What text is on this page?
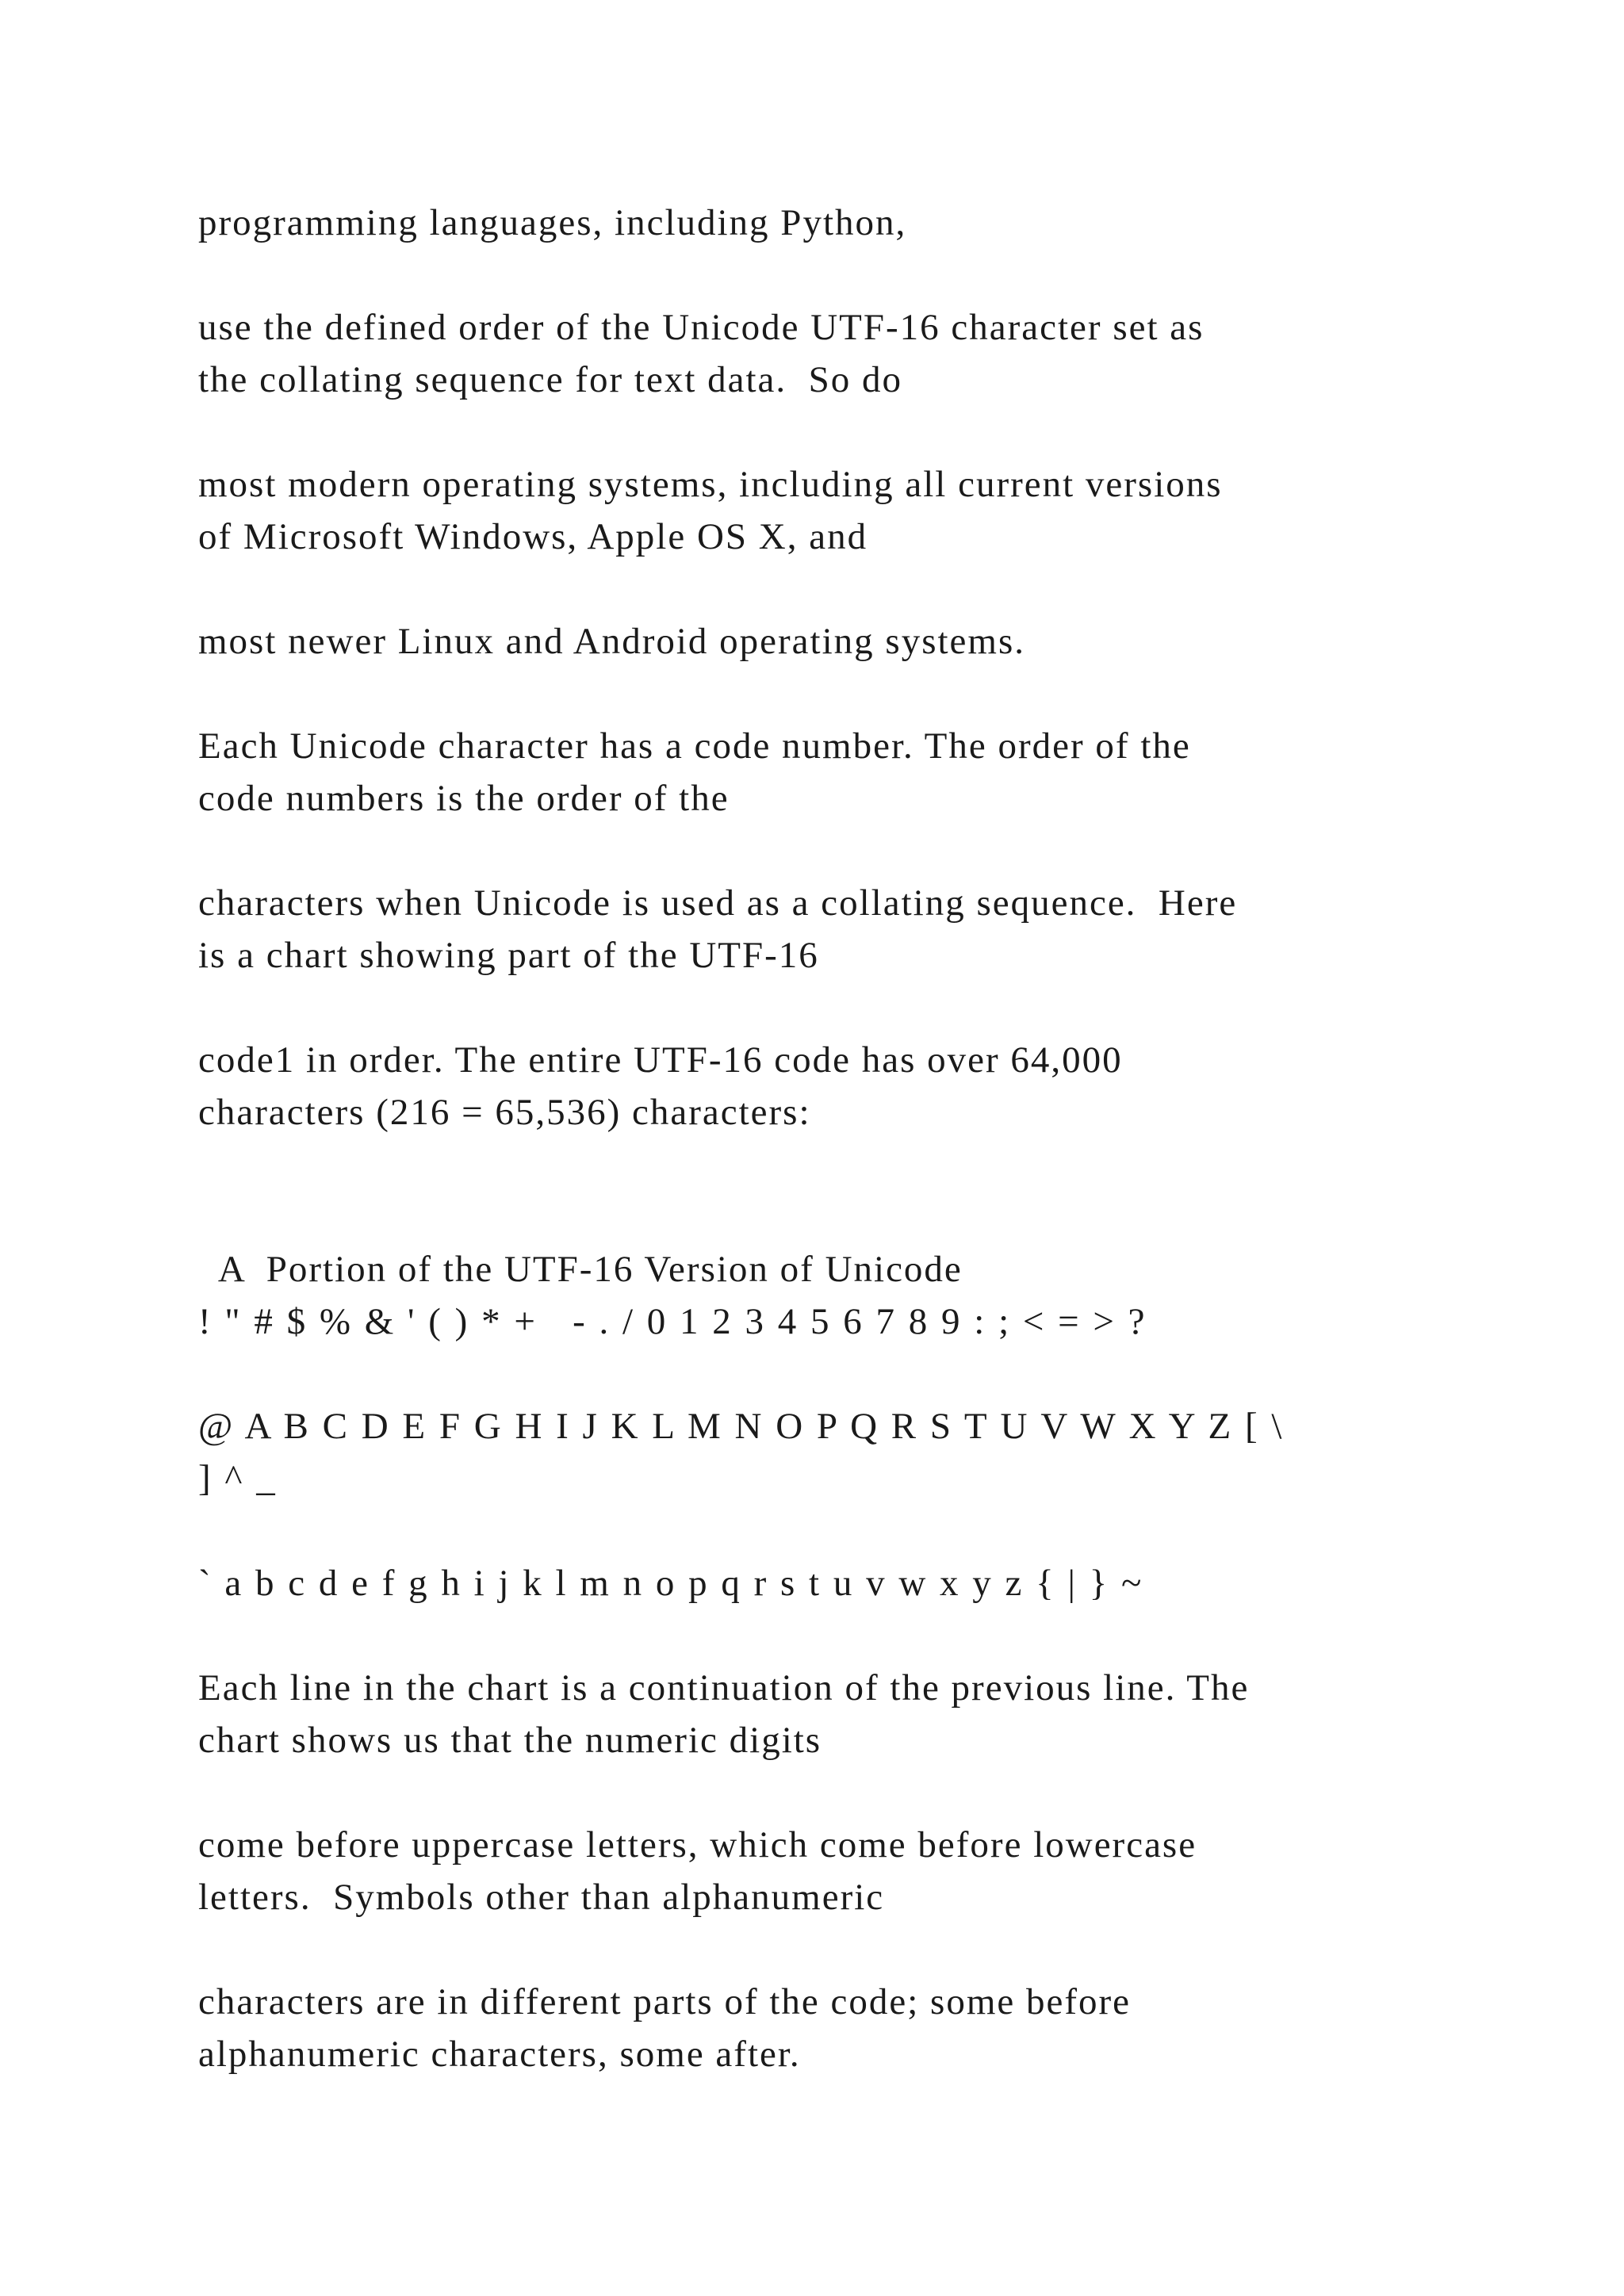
programming languages, including Python,
use the defined order of the Unicode UTF-16 character set as
the collating sequence for text data.  So do
most modern operating systems, including all current versions
of Microsoft Windows, Apple OS X, and
most newer Linux and Android operating systems.
Each Unicode character has a code number. The order of the
code numbers is the order of the
characters when Unicode is used as a collating sequence.  Here
is a chart showing part of the UTF-16
code1 in order. The entire UTF-16 code has over 64,000
characters (216 = 65,536) characters:
A  Portion of the UTF-16 Version of Unicode
! " # $ % & ' ( ) * +   - . / 0 1 2 3 4 5 6 7 8 9 : ; < = > ?
@ A B C D E F G H I J K L M N O P Q R S T U V W X Y Z [ \
] ^ _
` a b c d e f g h i j k l m n o p q r s t u v w x y z { | } ~
Each line in the chart is a continuation of the previous line. The
chart shows us that the numeric digits
come before uppercase letters, which come before lowercase
letters.  Symbols other than alphanumeric
characters are in different parts of the code; some before
alphanumeric characters, some after.
